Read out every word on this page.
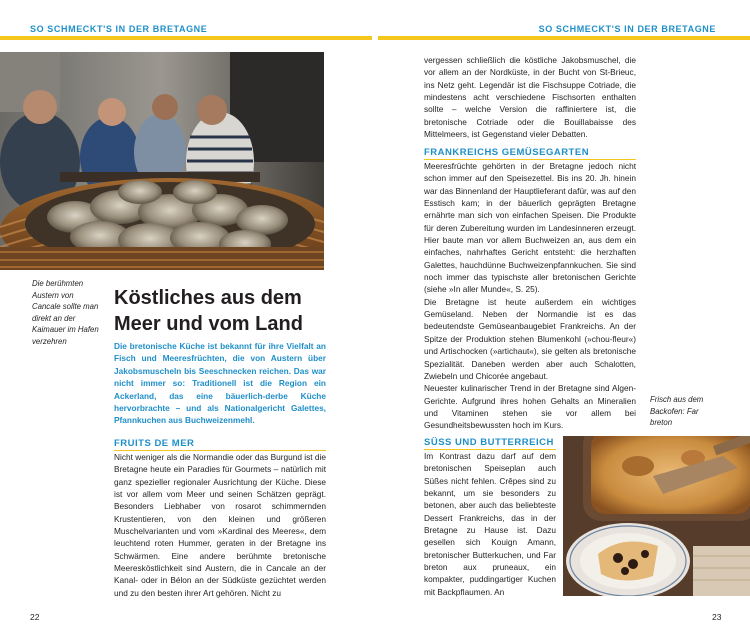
SO SCHMECKT'S IN DER BRETAGNE	SO SCHMECKT'S IN DER BRETAGNE
Die berühmten Austern von Cancale sollte man direkt an der Kaimauer im Hafen verzehren
Köstliches aus dem
Meer und vom Land
Die bretonische Küche ist bekannt für ihre Vielfalt an Fisch und Meeresfrüchten, die von Austern über Jakobsmuscheln bis Seeschnecken reichen. Das war nicht immer so: Traditionell ist die Region ein Ackerland, das eine bäuerlich-derbe Küche hervorbrachte – und als Nationalgericht Galettes, Pfannkuchen aus Buchweizenmehl.
FRUITS DE MER
Nicht weniger als die Normandie oder das Burgund ist die Bretagne heute ein Paradies für Gourmets – natürlich mit ganz spezieller regionaler Ausrichtung der Küche. Diese ist vor allem vom Meer und seinen Schätzen geprägt. Besonders Liebhaber von rosarot schimmernden Krustentieren, von den kleinen und größeren Muschelvarianten und vom »Kardinal des Meeres«, dem leuchtend roten Hummer, geraten in der Bretagne ins Schwärmen. Eine andere berühmte bretonische Meeresköstlichkeit sind Austern, die in Cancale an der Kanal- oder in Bélon an der Südküste gezüchtet werden und zu den besten ihrer Art gehören. Nicht zu
22
vergessen schließlich die köstliche Jakobsmuschel, die vor allem an der Nordküste, in der Bucht von St-Brieuc, ins Netz geht. Legendär ist die Fischsuppe Cotriade, die mindestens acht verschiedene Fischsorten enthalten sollte – welche Version die raffiniertere ist, die bretonische Cotriade oder die Bouillabaisse des Mittelmeers, ist Gegenstand vieler Debatten.
FRANKREICHS GEMÜSEGARTEN
Meeresfrüchte gehörten in der Bretagne jedoch nicht schon immer auf den Speisezettel. Bis ins 20. Jh. hinein war das Binnenland der Hauptlieferant dafür, was auf den Esstisch kam; in der bäuerlich geprägten Bretagne ernährte man sich von einfachen Speisen. Die Produkte für deren Zubereitung wurden im Landesinneren erzeugt. Hier baute man vor allem Buchweizen an, aus dem ein einfaches, nahrhaftes Gericht entsteht: die herzhaften Galettes, hauchdünne Buchweizenpfannkuchen. Sie sind noch immer das typischste aller bretonischen Gerichte (siehe »In aller Munde«, S. 25).
Die Bretagne ist heute außerdem ein wichtiges Gemüseland. Neben der Normandie ist es das bedeutendste Gemüseanbaugebiet Frankreichs. An der Spitze der Produktion stehen Blumenkohl (»chou-fleur«) und Artischocken (»artichaut«), sie gelten als bretonische Spezialität. Daneben werden aber auch Schalotten, Zwiebeln und Chicorée angebaut.
Neuester kulinarischer Trend in der Bretagne sind Algen-Gerichte. Aufgrund ihres hohen Gehalts an Mineralien und Vitaminen stehen sie vor allem bei Gesundheitsbewussten hoch im Kurs.
Frisch aus dem Backofen: Far breton
SÜSS UND BUTTERREICH
Im Kontrast dazu darf auf dem bretonischen Speiseplan auch Süßes nicht fehlen. Crêpes sind zu bekannt, um sie besonders zu betonen, aber auch das beliebteste Dessert Frankreichs, das in der Bretagne zu Hause ist. Dazu gesellen sich Kouign Amann, bretonischer Butterkuchen, und Far breton aux pruneaux, ein kompakter, puddingartiger Kuchen mit Backpflaumen. An
23
